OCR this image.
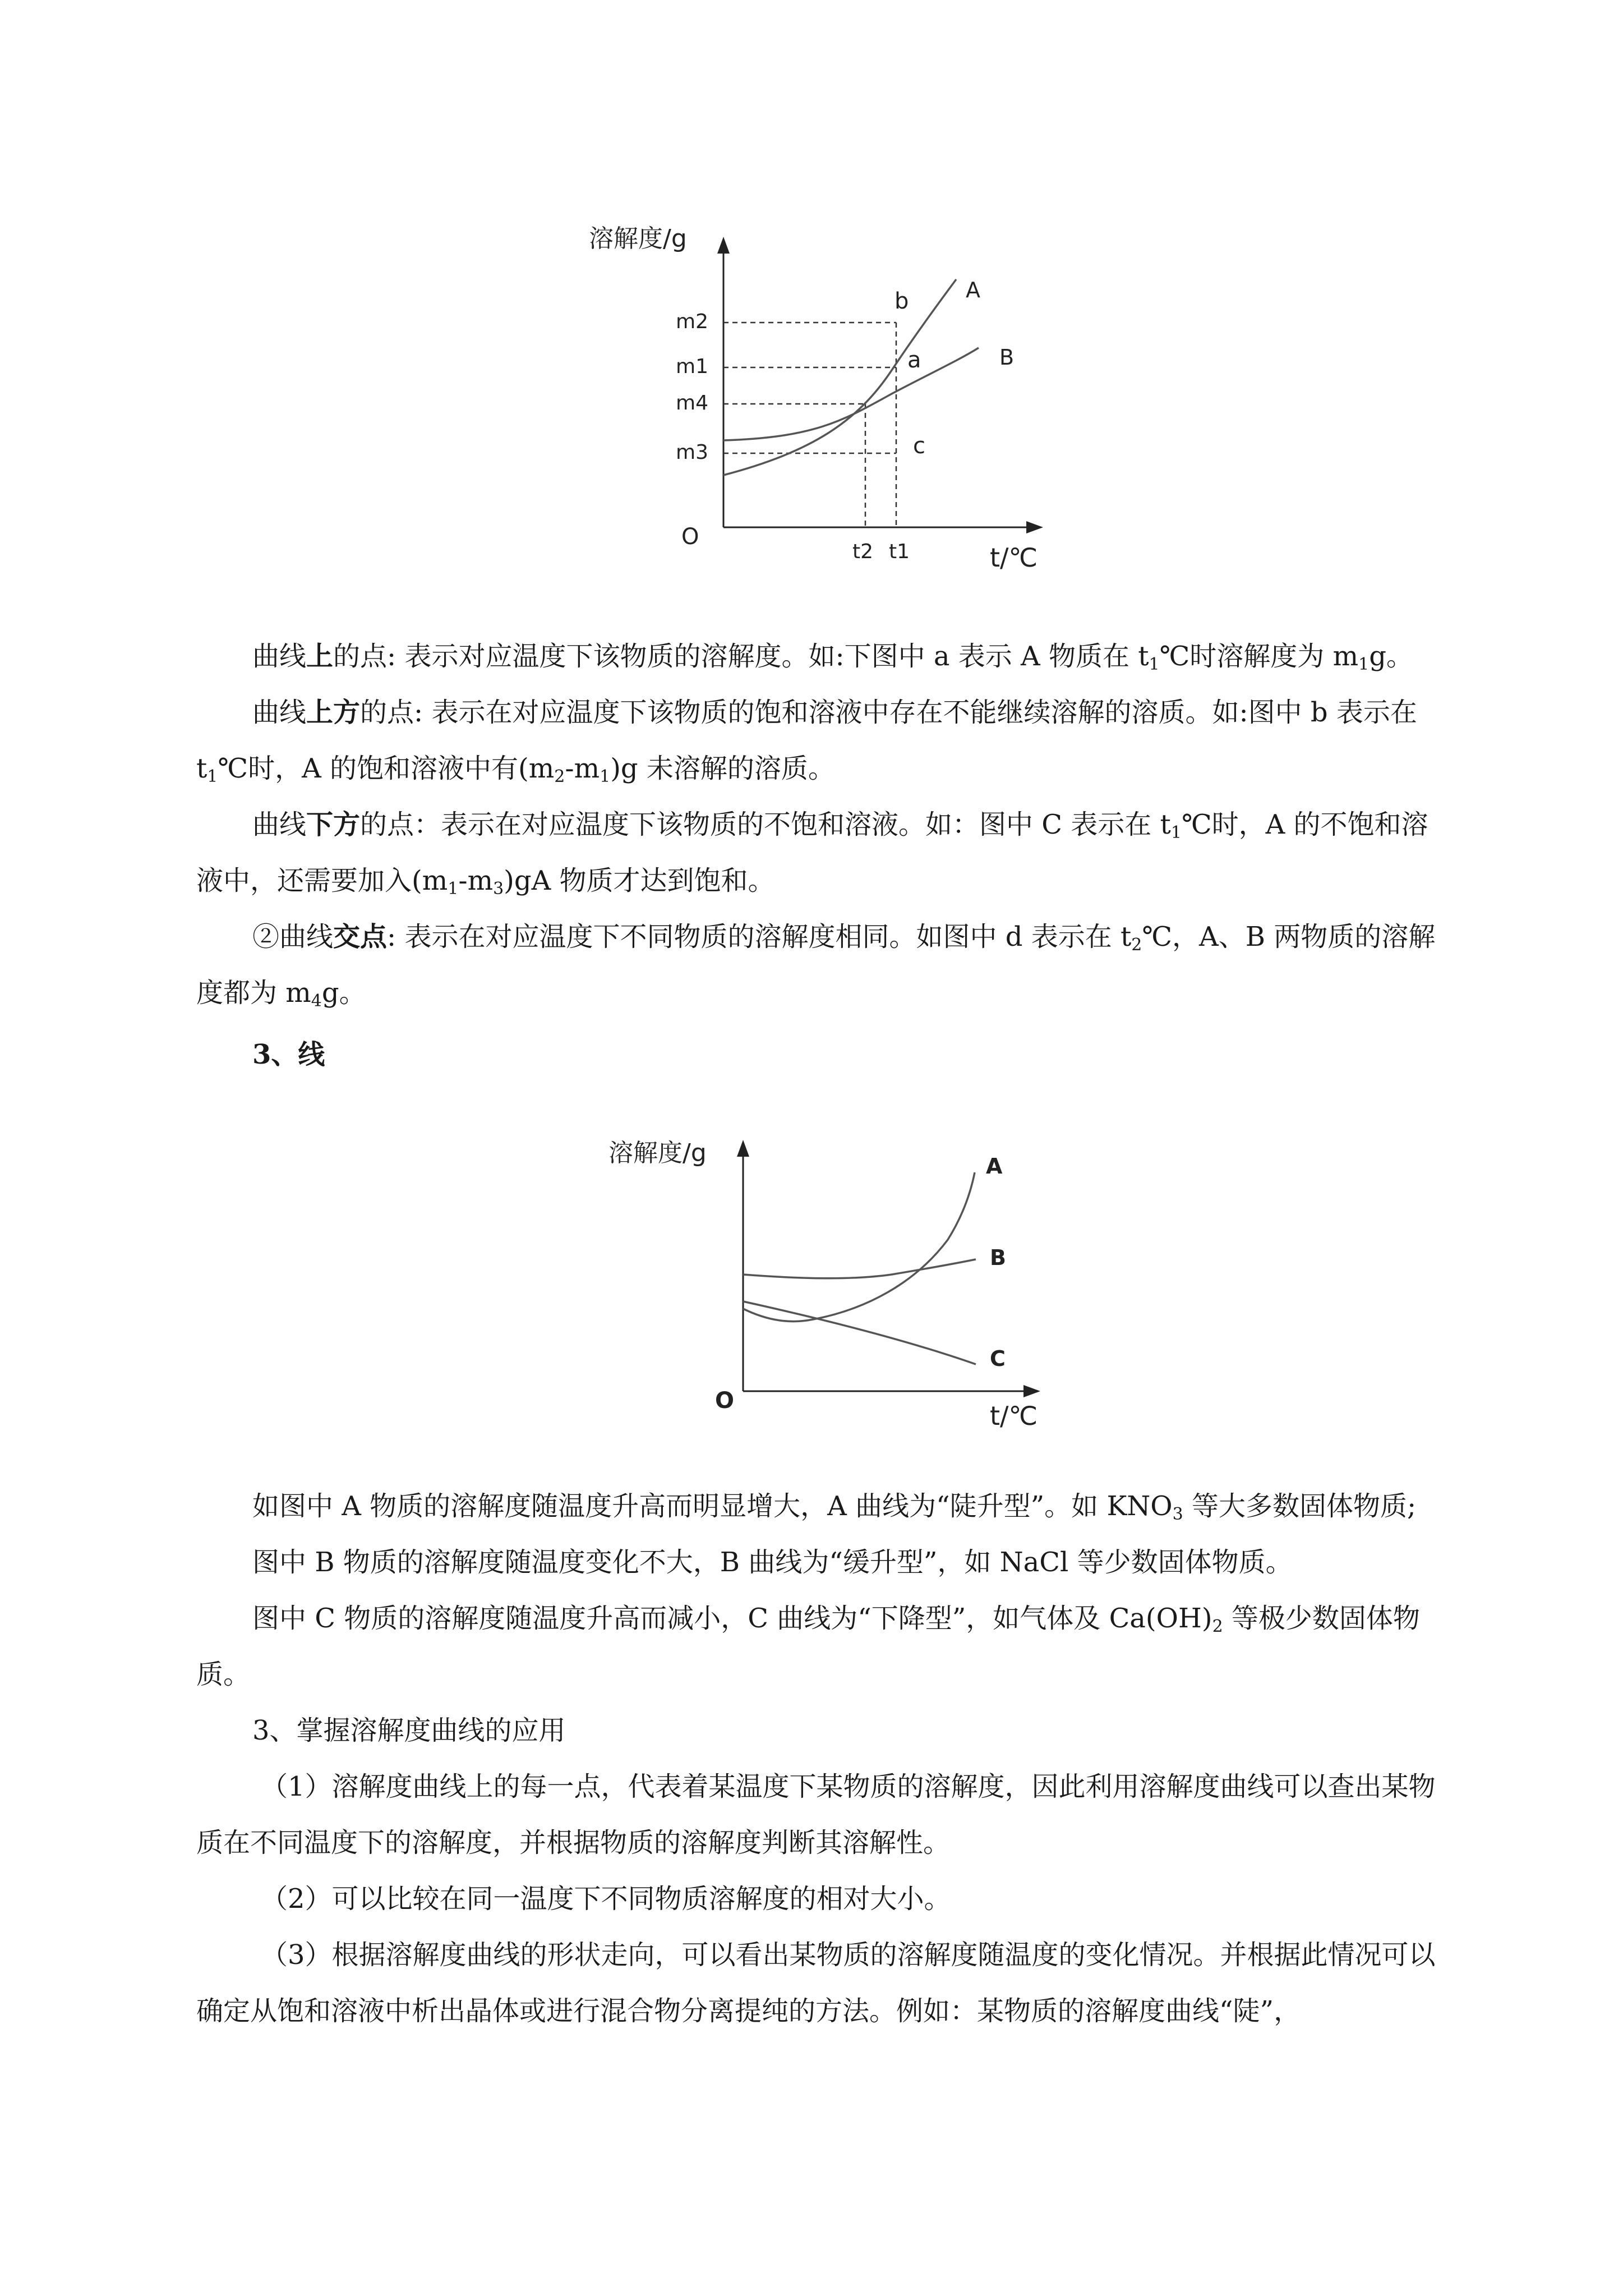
溶解度/g
O
t/℃
m2
m1
m4
m3
t2 t1
b
a
c
A
B

曲线上的点: 表示对应温度下该物质的溶解度。如:下图中 a 表示 A 物质在 $t_1℃$时溶解度为 $m_1g$。

曲线上方的点: 表示在对应温度下该物质的饱和溶液中存在不能继续溶解的溶质。如:图中 b 表示在 $t_1℃$时，A 的饱和溶液中有$(m_2-m_1)g$ 未溶解的溶质。

曲线下方的点：表示在对应温度下该物质的不饱和溶液。如：图中 C 表示在 $t_1℃$时，A 的不饱和溶液中，还需要加入$(m_1-m_3)gA$ 物质才达到饱和。

②曲线交点: 表示在对应温度下不同物质的溶解度相同。如图中 d 表示在 $t_2℃$，A、B 两物质的溶解度都为 $m_4g$。

3、线

溶解度/g
O	t/℃
A
B
C

如图中 A 物质的溶解度随温度升高而明显增大，A 曲线为“陡升型”。如 $KNO_3$ 等大多数固体物质;

图中 B 物质的溶解度随温度变化不大，B 曲线为“缓升型”，如 NaCl 等少数固体物质。

图中 C 物质的溶解度随温度升高而减小，C 曲线为“下降型”，如气体及 $Ca(OH)_2$ 等极少数固体物质。

3、掌握溶解度曲线的应用

（1）溶解度曲线上的每一点，代表着某温度下某物质的溶解度，因此利用溶解度曲线可以查出某物质在不同温度下的溶解度，并根据物质的溶解度判断其溶解性。

（2）可以比较在同一温度下不同物质溶解度的相对大小。

（3）根据溶解度曲线的形状走向，可以看出某物质的溶解度随温度的变化情况。并根据此情况可以确定从饱和溶液中析出晶体或进行混合物分离提纯的方法。例如：某物质的溶解度曲线“陡”，
